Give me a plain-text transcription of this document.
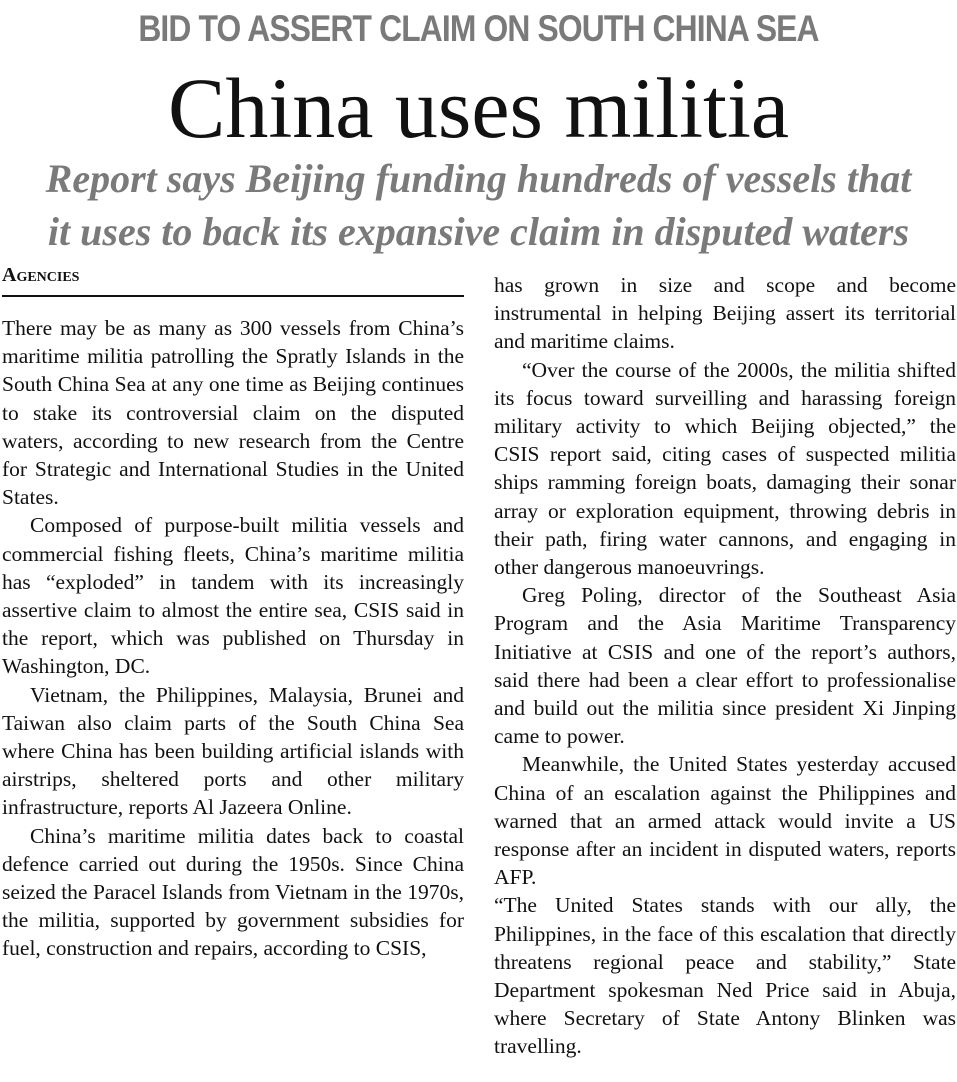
BID TO ASSERT CLAIM ON SOUTH CHINA SEA
China uses militia
Report says Beijing funding hundreds of vessels that
it uses to back its expansive claim in disputed waters
Agencies

There may be as many as 300 vessels from China’s maritime militia patrolling the Spratly Islands in the South China Sea at any one time as Beijing continues to stake its controversial claim on the disputed waters, according to new research from the Centre for Strategic and International Studies in the United States.

Composed of purpose-built militia vessels and commercial fishing fleets, China’s maritime militia has “exploded” in tandem with its increasingly assertive claim to almost the entire sea, CSIS said in the report, which was published on Thursday in Washington, DC.

Vietnam, the Philippines, Malaysia, Brunei and Taiwan also claim parts of the South China Sea where China has been building artificial islands with airstrips, sheltered ports and other military infrastructure, reports Al Jazeera Online.

China’s maritime militia dates back to coastal defence carried out during the 1950s. Since China seized the Paracel Islands from Vietnam in the 1970s, the militia, supported by government subsidies for fuel, construction and repairs, according to CSIS,

has grown in size and scope and become instrumental in helping Beijing assert its territorial and maritime claims.

“Over the course of the 2000s, the militia shifted its focus toward surveilling and harassing foreign military activity to which Beijing objected,” the CSIS report said, citing cases of suspected militia ships ramming foreign boats, damaging their sonar array or exploration equipment, throwing debris in their path, firing water cannons, and engaging in other dangerous manoeuvrings.

Greg Poling, director of the Southeast Asia Program and the Asia Maritime Transparency Initiative at CSIS and one of the report’s authors, said there had been a clear effort to professionalise and build out the militia since president Xi Jinping came to power.

Meanwhile, the United States yesterday accused China of an escalation against the Philippines and warned that an armed attack would invite a US response after an incident in disputed waters, reports AFP.

“The United States stands with our ally, the Philippines, in the face of this escalation that directly threatens regional peace and stability,” State Department spokesman Ned Price said in Abuja, where Secretary of State Antony Blinken was travelling.
